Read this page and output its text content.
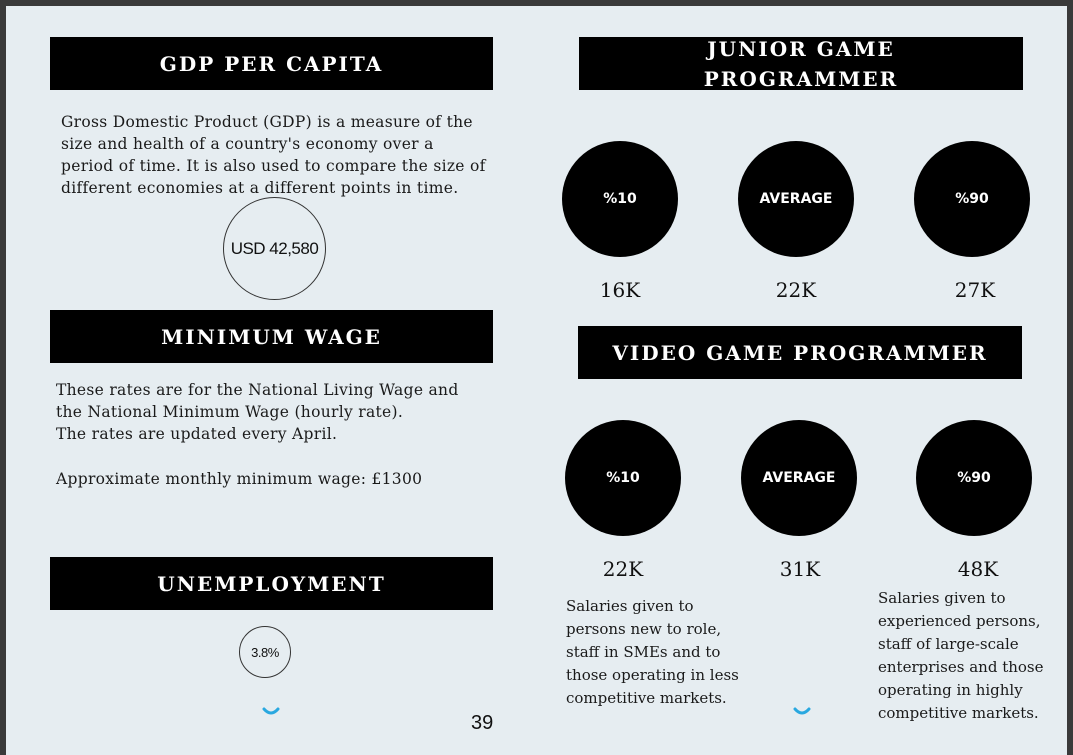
GDP PER CAPITA

Gross Domestic Product (GDP) is a measure of the
size and health of a country's economy over a
period of time. It is also used to compare the size of
different economies at a different points in time.

USD 42,580
MINIMUM WAGE

These rates are for the National Living Wage and
the National Minimum Wage (hourly rate).
The rates are updated every April.

Approximate monthly minimum wage: £1300

UNEMPLOYMENT
3.8%
39
JUNIOR GAME
PROGRAMMER
%10	AVERAGE	%90
16K	22K	27K
VIDEO GAME PROGRAMMER
%10	AVERAGE	%90
22K	31K	48K

Salaries given to
persons new to role,
staff in SMEs and to
those operating in less
competitive markets.

Salaries given to
experienced persons,
staff of large-scale
enterprises and those
operating in highly
competitive markets.
